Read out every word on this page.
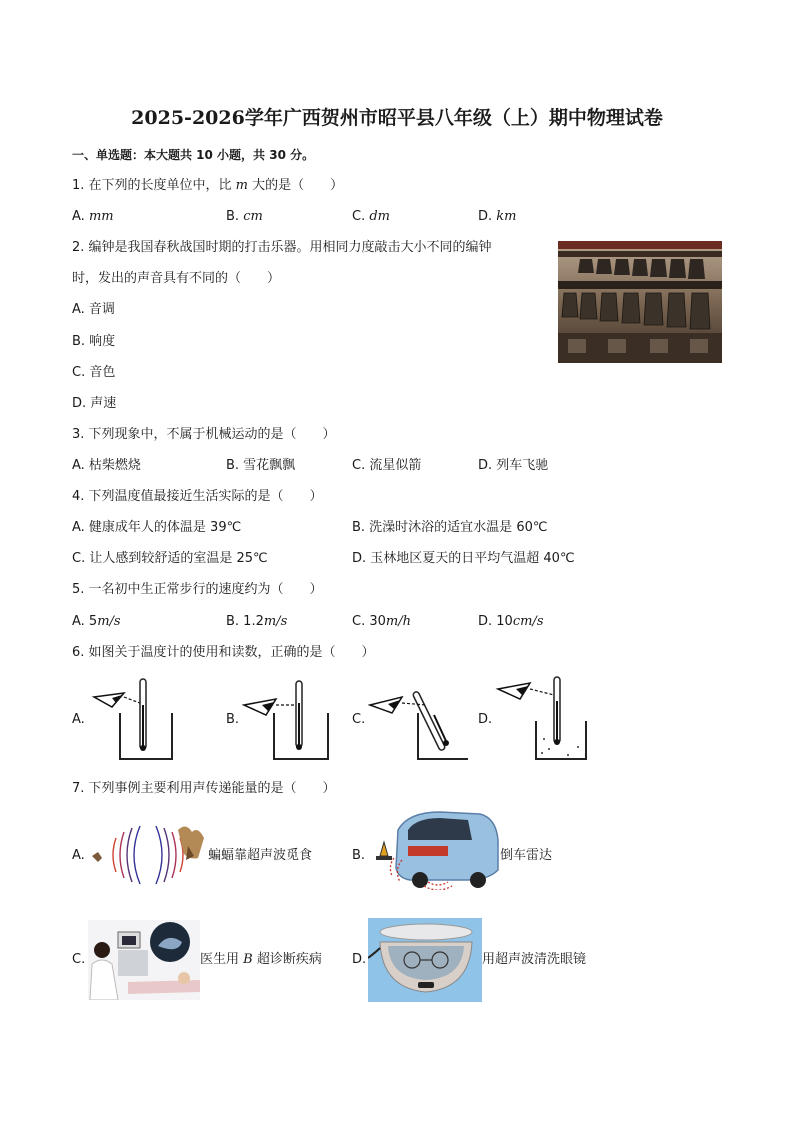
2025-2026学年广西贺州市昭平县八年级（上）期中物理试卷
一、单选题：本大题共 10 小题，共 30 分。
1. 在下列的长度单位中，比 m 大的是（　　）
A. mm	B. cm	C. dm	D. km
2. 编钟是我国春秋战国时期的打击乐器。用相同力度敲击大小不同的编钟
时，发出的声音具有不同的（　　）
A. 音调
B. 响度
C. 音色
D. 声速
3. 下列现象中，不属于机械运动的是（　　）
A. 枯柴燃烧	B. 雪花飘飘	C. 流星似箭	D. 列车飞驰
4. 下列温度值最接近生活实际的是（　　）
A. 健康成年人的体温是 39℃	B. 洗澡时沐浴的适宜水温是 60℃
C. 让人感到较舒适的室温是 25℃	D. 玉林地区夏天的日平均气温超 40℃
5. 一名初中生正常步行的速度约为（　　）
A. 5m/s	B. 1.2m/s	C. 30m/h	D. 10cm/s
6. 如图关于温度计的使用和读数，正确的是（　　）
A.	B.	C.	D.
7. 下列事例主要利用声传递能量的是（　　）
A.	蝙蝠靠超声波觅食	B.	倒车雷达
C.	医生用 B 超诊断疾病 D.	用超声波清洗眼镜
